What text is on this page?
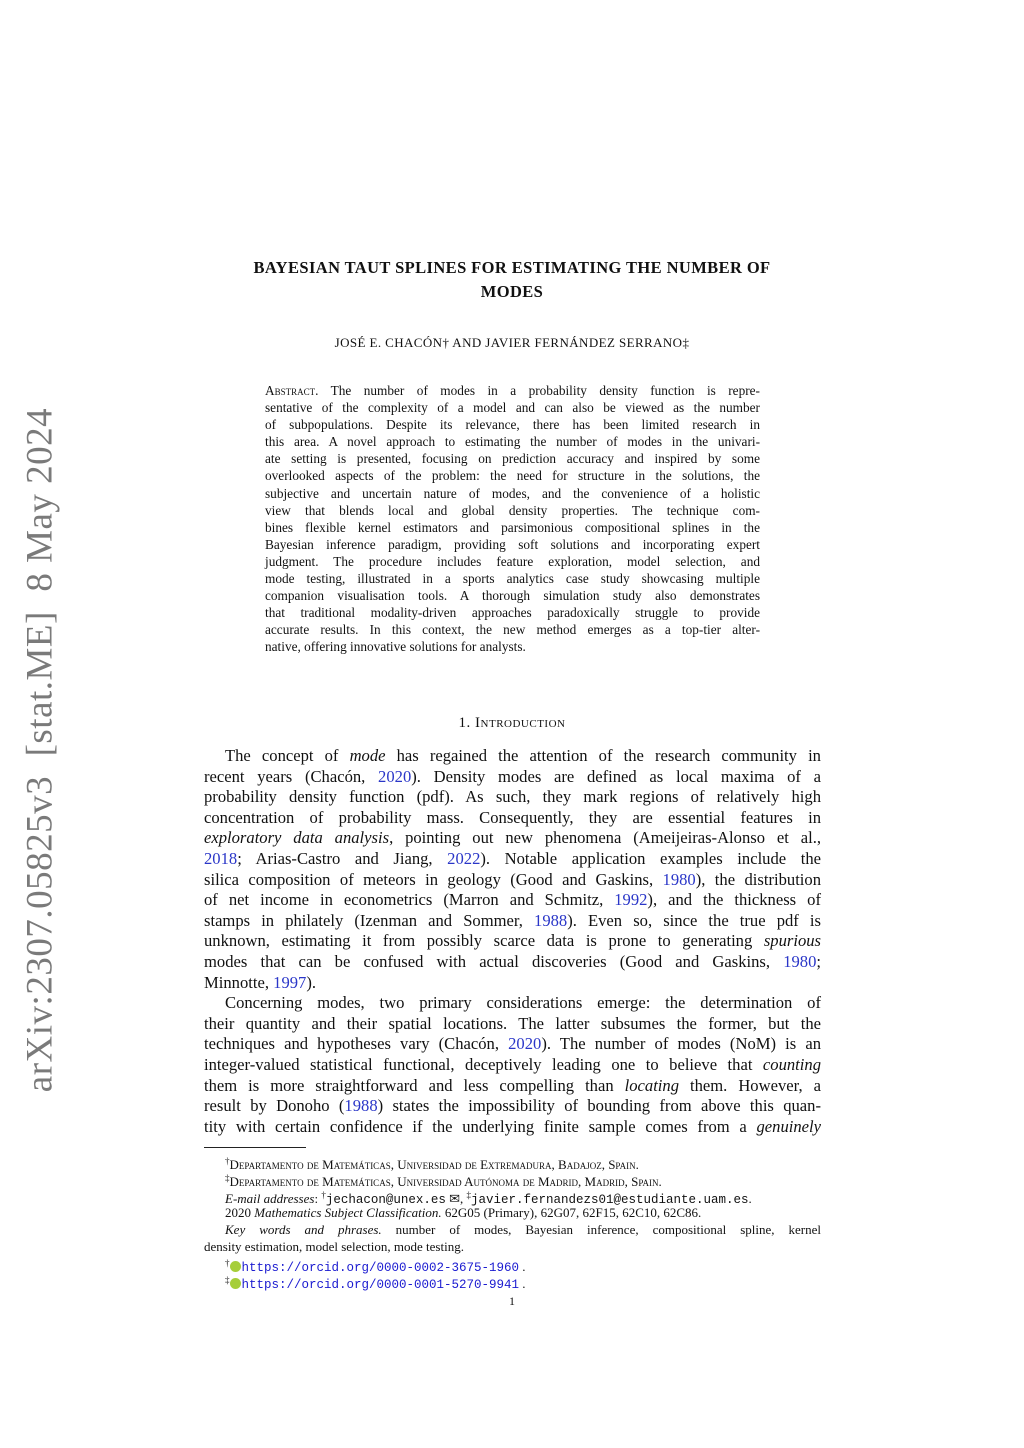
arXiv:2307.05825v3  [stat.ME]  8 May 2024
BAYESIAN TAUT SPLINES FOR ESTIMATING THE NUMBER OF
MODES
JOSÉ E. CHACÓN† AND JAVIER FERNÁNDEZ SERRANO‡
Abstract. The number of modes in a probability density function is repre-
sentative of the complexity of a model and can also be viewed as the number
of subpopulations. Despite its relevance, there has been limited research in
this area. A novel approach to estimating the number of modes in the univari-
ate setting is presented, focusing on prediction accuracy and inspired by some
overlooked aspects of the problem: the need for structure in the solutions, the
subjective and uncertain nature of modes, and the convenience of a holistic
view that blends local and global density properties. The technique com-
bines flexible kernel estimators and parsimonious compositional splines in the
Bayesian inference paradigm, providing soft solutions and incorporating expert
judgment. The procedure includes feature exploration, model selection, and
mode testing, illustrated in a sports analytics case study showcasing multiple
companion visualisation tools. A thorough simulation study also demonstrates
that traditional modality-driven approaches paradoxically struggle to provide
accurate results. In this context, the new method emerges as a top-tier alter-
native, offering innovative solutions for analysts.
1. Introduction
The concept of mode has regained the attention of the research community in
recent years (Chacón, 2020). Density modes are defined as local maxima of a
probability density function (pdf). As such, they mark regions of relatively high
concentration of probability mass. Consequently, they are essential features in
exploratory data analysis, pointing out new phenomena (Ameijeiras-Alonso et al.,
2018; Arias-Castro and Jiang, 2022). Notable application examples include the
silica composition of meteors in geology (Good and Gaskins, 1980), the distribution
of net income in econometrics (Marron and Schmitz, 1992), and the thickness of
stamps in philately (Izenman and Sommer, 1988). Even so, since the true pdf is
unknown, estimating it from possibly scarce data is prone to generating spurious
modes that can be confused with actual discoveries (Good and Gaskins, 1980;
Minnotte, 1997).
Concerning modes, two primary considerations emerge: the determination of
their quantity and their spatial locations. The latter subsumes the former, but the
techniques and hypotheses vary (Chacón, 2020). The number of modes (NoM) is an
integer-valued statistical functional, deceptively leading one to believe that counting
them is more straightforward and less compelling than locating them. However, a
result by Donoho (1988) states the impossibility of bounding from above this quan-
tity with certain confidence if the underlying finite sample comes from a genuinely
†Departamento de Matemáticas, Universidad de Extremadura, Badajoz, Spain.
‡Departamento de Matemáticas, Universidad Autónoma de Madrid, Madrid, Spain.
E-mail addresses: †jechacon@unex.es ✉, ‡javier.fernandezs01@estudiante.uam.es.
2020 Mathematics Subject Classification. 62G05 (Primary), 62G07, 62F15, 62C10, 62C86.
Key words and phrases. number of modes, Bayesian inference, compositional spline, kernel
density estimation, model selection, mode testing.
† https://orcid.org/0000-0002-3675-1960 .
‡ https://orcid.org/0000-0001-5270-9941 .
1
